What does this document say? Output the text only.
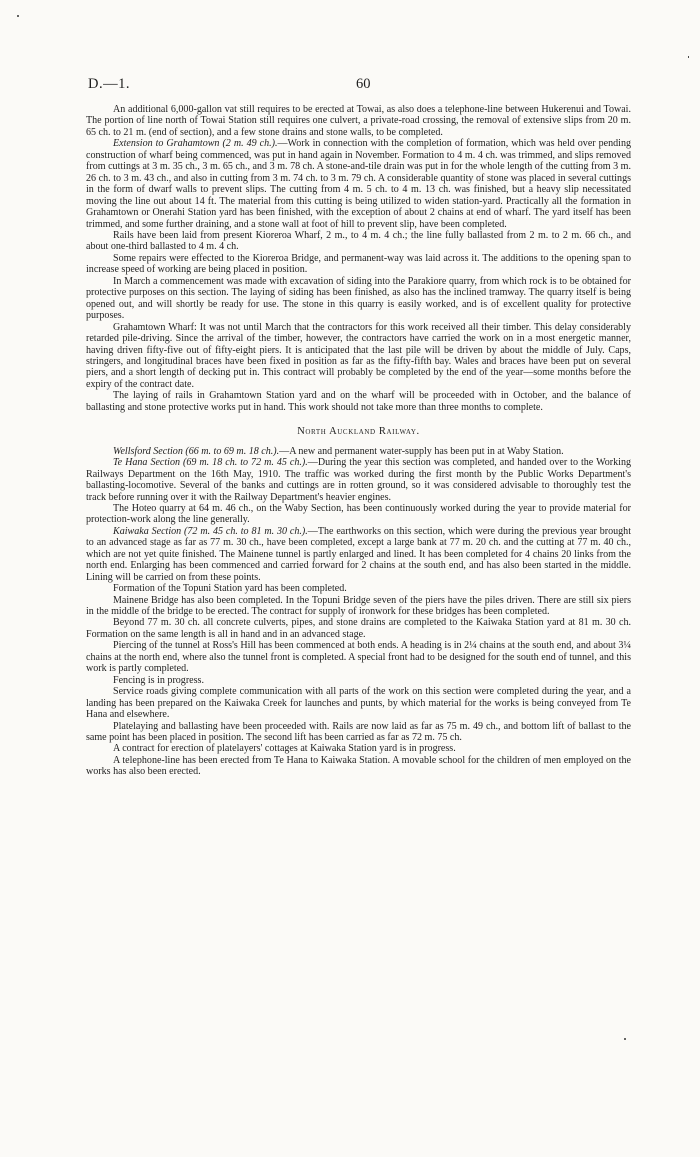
D.—1.	60

An additional 6,000-gallon vat still requires to be erected at Towai, as also does a telephone-line between Hukerenui and Towai. The portion of line north of Towai Station still requires one culvert, a private-road crossing, the removal of extensive slips from 20 m. 65 ch. to 21 m. (end of section), and a few stone drains and stone walls, to be completed.

Extension to Grahamtown (2 m. 49 ch.).—Work in connection with the completion of formation, which was held over pending construction of wharf being commenced, was put in hand again in November. Formation to 4 m. 4 ch. was trimmed, and slips removed from cuttings at 3 m. 35 ch., 3 m. 65 ch., and 3 m. 78 ch. A stone-and-tile drain was put in for the whole length of the cutting from 3 m. 26 ch. to 3 m. 43 ch., and also in cutting from 3 m. 74 ch. to 3 m. 79 ch. A considerable quantity of stone was placed in several cuttings in the form of dwarf walls to prevent slips. The cutting from 4 m. 5 ch. to 4 m. 13 ch. was finished, but a heavy slip necessitated moving the line out about 14 ft. The material from this cutting is being utilized to widen station-yard. Practically all the formation in Grahamtown or Onerahi Station yard has been finished, with the exception of about 2 chains at end of wharf. The yard itself has been trimmed, and some further draining, and a stone wall at foot of hill to prevent slip, have been completed.

Rails have been laid from present Kioreroa Wharf, 2 m., to 4 m. 4 ch.; the line fully ballasted from 2 m. to 2 m. 66 ch., and about one-third ballasted to 4 m. 4 ch.

Some repairs were effected to the Kioreroa Bridge, and permanent-way was laid across it. The additions to the opening span to increase speed of working are being placed in position.

In March a commencement was made with excavation of siding into the Parakiore quarry, from which rock is to be obtained for protective purposes on this section. The laying of siding has been finished, as also has the inclined tramway. The quarry itself is being opened out, and will shortly be ready for use. The stone in this quarry is easily worked, and is of excellent quality for protective purposes.

Grahamtown Wharf: It was not until March that the contractors for this work received all their timber. This delay considerably retarded pile-driving. Since the arrival of the timber, however, the contractors have carried the work on in a most energetic manner, having driven fifty-five out of fifty-eight piers. It is anticipated that the last pile will be driven by about the middle of July. Caps, stringers, and longitudinal braces have been fixed in position as far as the fifty-fifth bay. Wales and braces have been put on several piers, and a short length of decking put in. This contract will probably be completed by the end of the year—some months before the expiry of the contract date.

The laying of rails in Grahamtown Station yard and on the wharf will be proceeded with in October, and the balance of ballasting and stone protective works put in hand. This work should not take more than three months to complete.

North Auckland Railway.

Wellsford Section (66 m. to 69 m. 18 ch.).—A new and permanent water-supply has been put in at Waby Station.

Te Hana Section (69 m. 18 ch. to 72 m. 45 ch.).—During the year this section was completed, and handed over to the Working Railways Department on the 16th May, 1910. The traffic was worked during the first month by the Public Works Department's ballasting-locomotive. Several of the banks and cuttings are in rotten ground, so it was considered advisable to thoroughly test the track before running over it with the Railway Department's heavier engines.

The Hoteo quarry at 64 m. 46 ch., on the Waby Section, has been continuously worked during the year to provide material for protection-work along the line generally.

Kaiwaka Section (72 m. 45 ch. to 81 m. 30 ch.).—The earthworks on this section, which were during the previous year brought to an advanced stage as far as 77 m. 30 ch., have been completed, except a large bank at 77 m. 20 ch. and the cutting at 77 m. 40 ch., which are not yet quite finished. The Mainene tunnel is partly enlarged and lined. It has been completed for 4 chains 20 links from the north end. Enlarging has been commenced and carried forward for 2 chains at the south end, and has also been started in the middle. Lining will be carried on from these points.

Formation of the Topuni Station yard has been completed.

Mainene Bridge has also been completed. In the Topuni Bridge seven of the piers have the piles driven. There are still six piers in the middle of the bridge to be erected. The contract for supply of ironwork for these bridges has been completed.

Beyond 77 m. 30 ch. all concrete culverts, pipes, and stone drains are completed to the Kaiwaka Station yard at 81 m. 30 ch. Formation on the same length is all in hand and in an advanced stage.

Piercing of the tunnel at Ross's Hill has been commenced at both ends. A heading is in 2¼ chains at the south end, and about 3¼ chains at the north end, where also the tunnel front is completed. A special front had to be designed for the south end of tunnel, and this work is partly completed.

Fencing is in progress.

Service roads giving complete communication with all parts of the work on this section were completed during the year, and a landing has been prepared on the Kaiwaka Creek for launches and punts, by which material for the works is being conveyed from Te Hana and elsewhere.

Platelaying and ballasting have been proceeded with. Rails are now laid as far as 75 m. 49 ch., and bottom lift of ballast to the same point has been placed in position. The second lift has been carried as far as 72 m. 75 ch.

A contract for erection of platelayers' cottages at Kaiwaka Station yard is in progress.

A telephone-line has been erected from Te Hana to Kaiwaka Station. A movable school for the children of men employed on the works has also been erected.
